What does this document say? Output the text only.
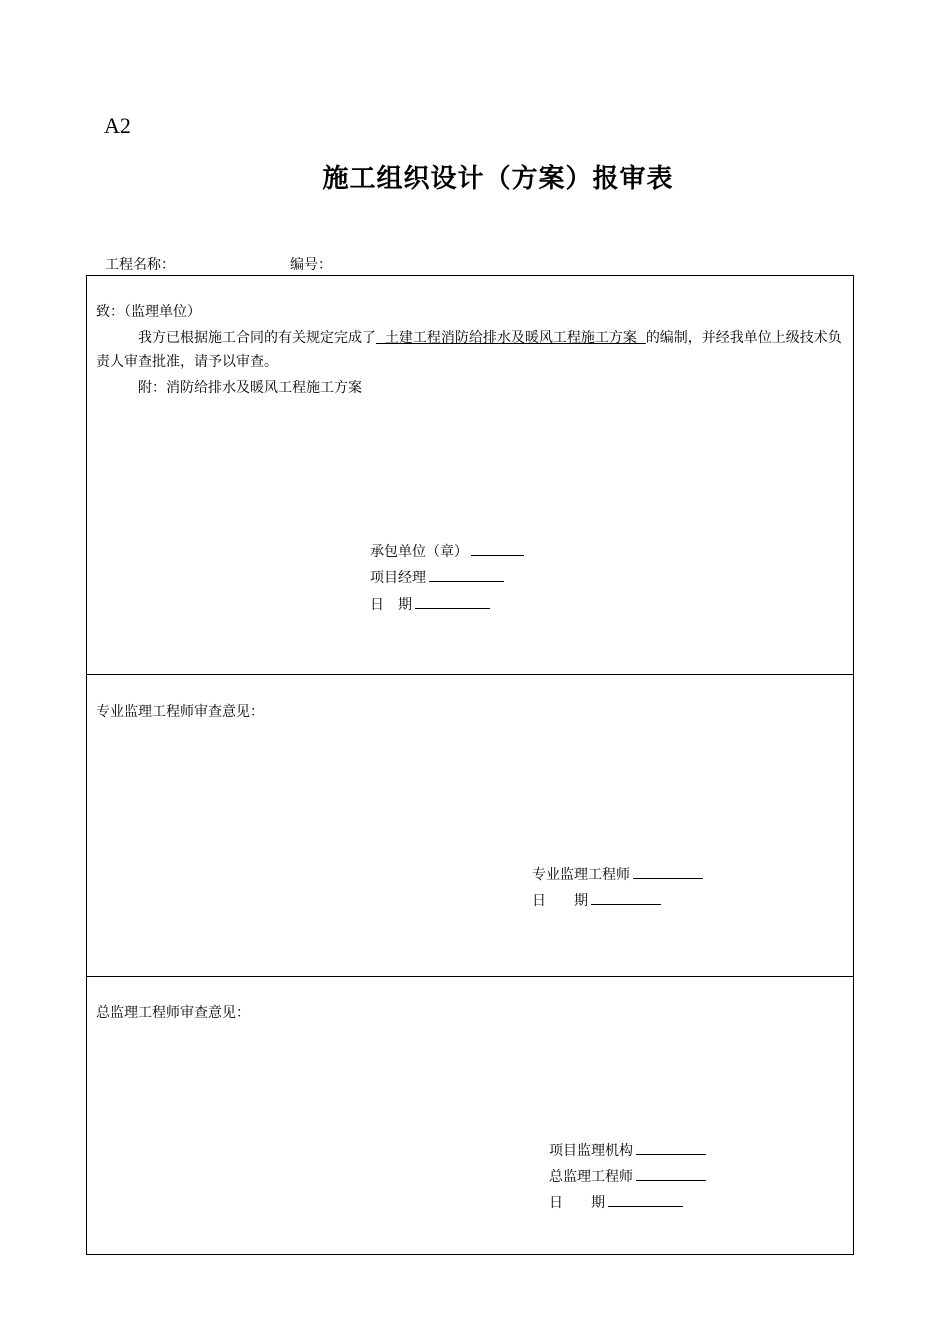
A2
施工组织设计（方案）报审表
工程名称：	编号：
致：（监理单位）
我方已根据施工合同的有关规定完成了  土建工程消防给排水及暖风工程施工方案  的编制，并经我单位上级技术负责人审查批准，请予以审查。
附：消防给排水及暖风工程施工方案
承包单位（章）
项目经理
日　期
专业监理工程师审查意见：
专业监理工程师
日　　期
总监理工程师审查意见：
项目监理机构
总监理工程师
日　　期
